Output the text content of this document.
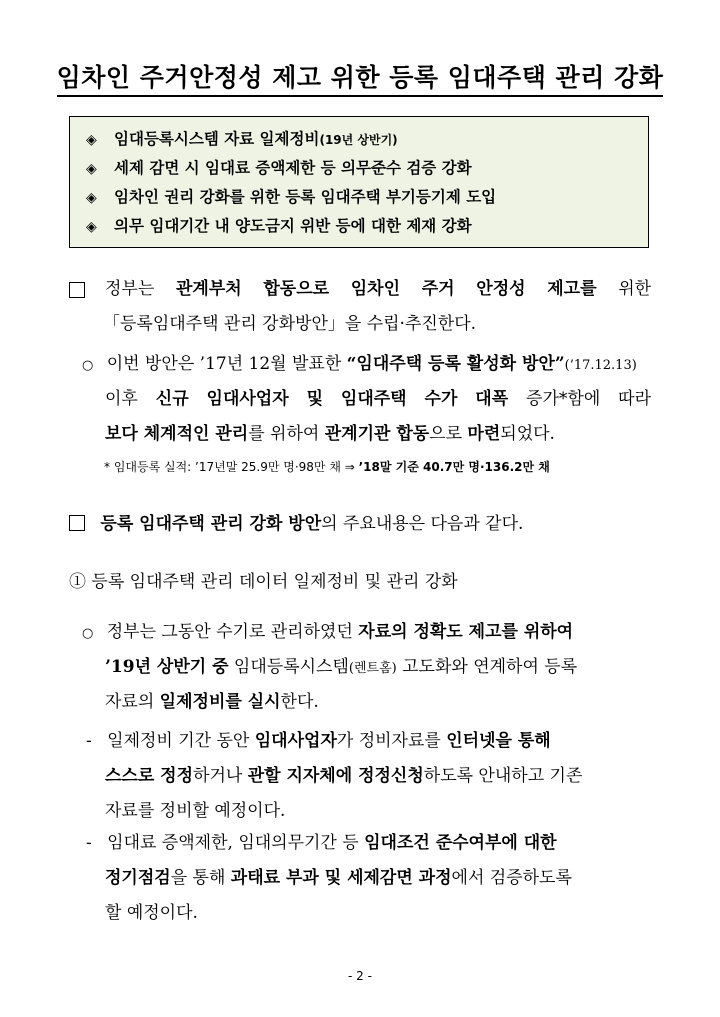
임차인 주거안정성 제고 위한 등록 임대주택 관리 강화
◈ 임대등록시스템 자료 일제정비(19년 상반기)
◈ 세제 감면 시 임대료 증액제한 등 의무준수 검증 강화
◈ 임차인 권리 강화를 위한 등록 임대주택 부기등기제 도입
◈ 의무 임대기간 내 양도금지 위반 등에 대한 제재 강화
정부는 관계부처 합동으로 임차인 주거 안정성 제고를 위한
「등록임대주택 관리 강화방안」을 수립·추진한다.
○ 이번 방안은 ’17년 12월 발표한 “임대주택 등록 활성화 방안”(’17.12.13)
이후 신규 임대사업자 및 임대주택 수가 대폭 증가*함에 따라
보다 체계적인 관리를 위하여 관계기관 합동으로 마련되었다.
* 임대등록 실적: ’17년말 25.9만 명·98만 채 ⇒ ’18말 기준 40.7만 명·136.2만 채
등록 임대주택 관리 강화 방안의 주요내용은 다음과 같다.
① 등록 임대주택 관리 데이터 일제정비 및 관리 강화
○ 정부는 그동안 수기로 관리하였던 자료의 정확도 제고를 위하여
’19년 상반기 중 임대등록시스템(렌트홈) 고도화와 연계하여 등록
자료의 일제정비를 실시한다.
- 일제정비 기간 동안 임대사업자가 정비자료를 인터넷을 통해
스스로 정정하거나 관할 지자체에 정정신청하도록 안내하고 기존
자료를 정비할 예정이다.
- 임대료 증액제한, 임대의무기간 등 임대조건 준수여부에 대한
정기점검을 통해 과태료 부과 및 세제감면 과정에서 검증하도록
할 예정이다.
- 2 -
